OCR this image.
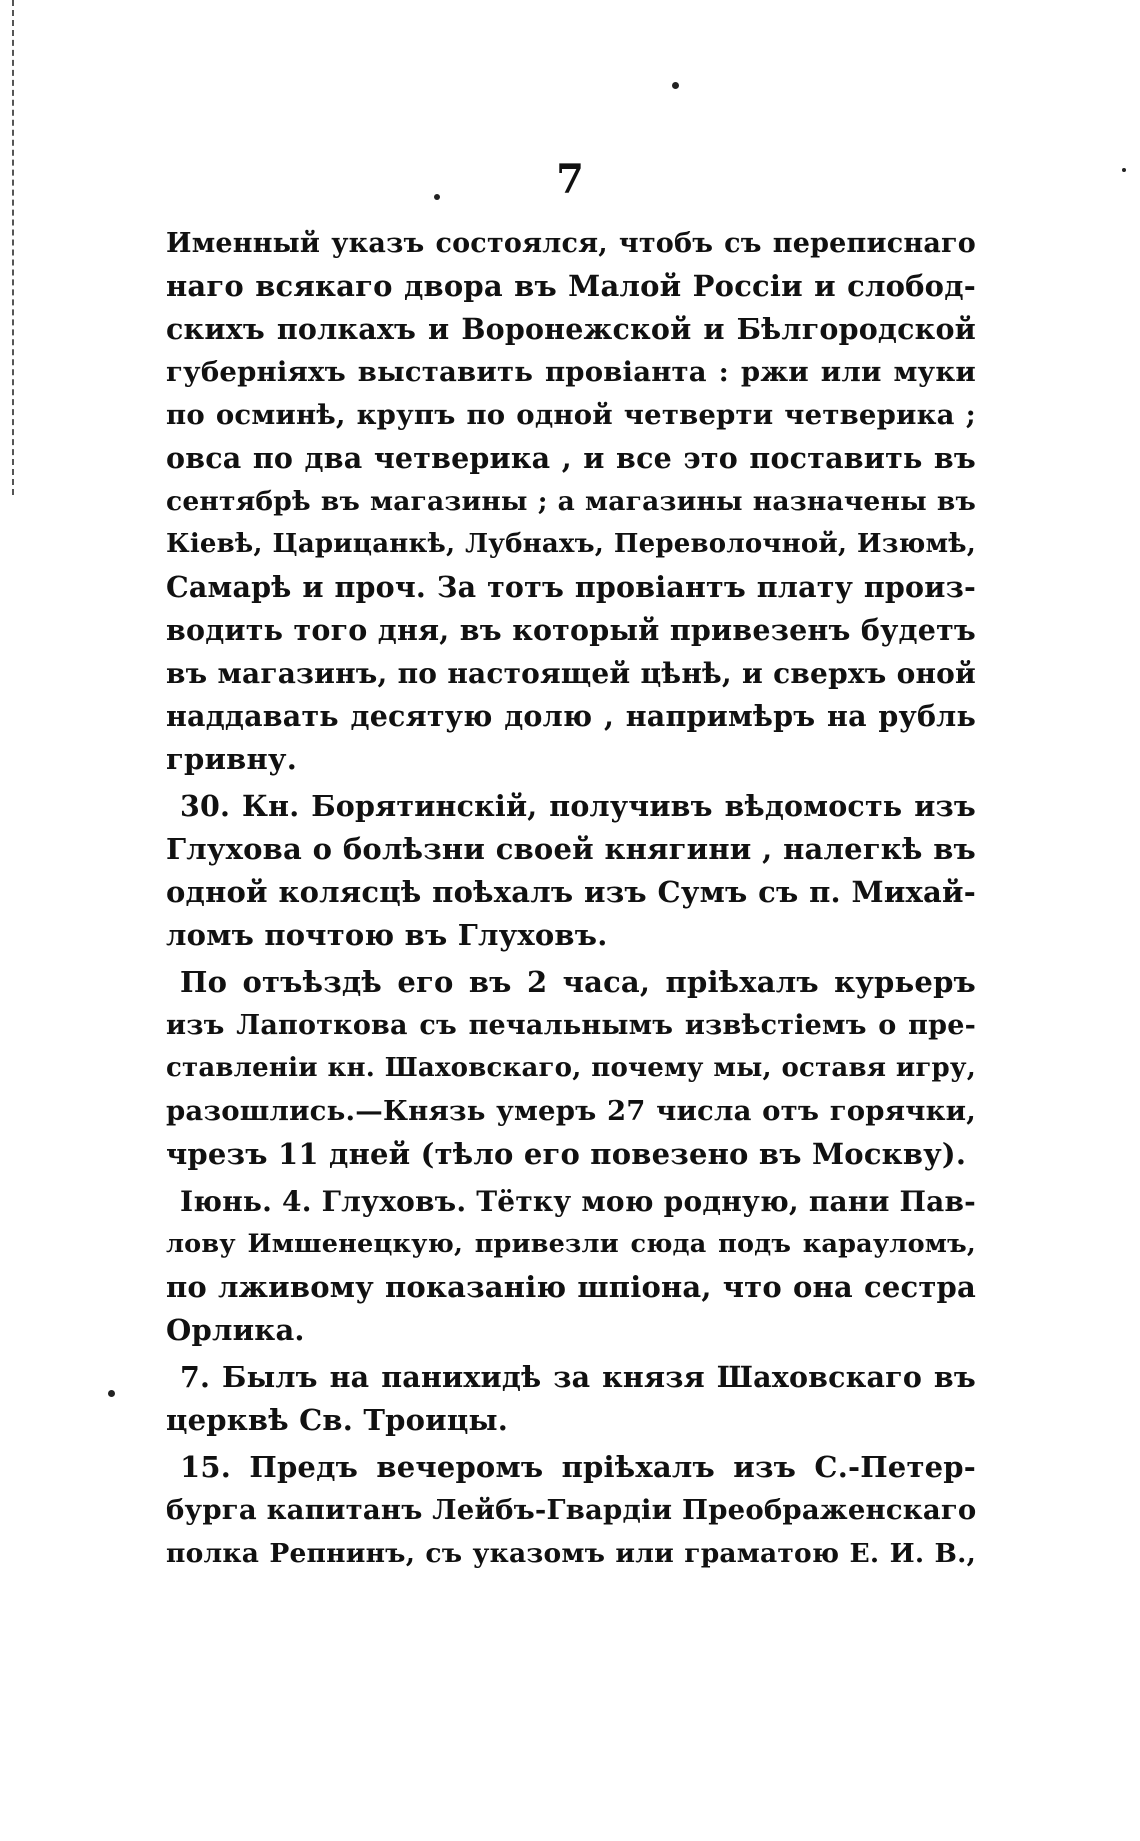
7

Именный указъ состоялся, чтобъ съ переписнаго
наго всякаго двора въ Малой Россіи и слобод-
скихъ полкахъ и Воронежской и Бѣлгородской
губерніяхъ выставить провіанта : ржи или муки
по осминѣ, крупъ по одной четверти четверика ;
овса по два четверика , и все это поставить въ
сентябрѣ въ магазины ; а магазины назначены въ
Кіевѣ, Царицанкѣ, Лубнахъ, Переволочной, Изюмѣ,
Самарѣ и проч. За тотъ провіантъ плату произ-
водить того дня, въ который привезенъ будетъ
въ магазинъ, по настоящей цѣнѣ, и сверхъ оной
наддавать десятую долю , напримѣръ на рубль
гривну.

30. Кн. Борятинскій, получивъ вѣдомость изъ
Глухова о болѣзни своей княгини , налегкѣ въ
одной колясцѣ поѣхалъ изъ Сумъ съ п. Михай-
ломъ почтою въ Глуховъ.

По отъѣздѣ его въ 2 часа, пріѣхалъ курьеръ
изъ Лапоткова съ печальнымъ извѣстіемъ о пре-
ставленіи кн. Шаховскаго, почему мы, оставя игру,
разошлись.—Князь умеръ 27 числа отъ горячки,
чрезъ 11 дней (тѣло его повезено въ Москву).

Іюнь. 4. Глуховъ. Тётку мою родную, пани Пав-
лову Имшенецкую, привезли сюда подъ карауломъ,
по лживому показанію шпіона, что она сестра
Орлика.

7. Былъ на панихидѣ за князя Шаховскаго въ
церквѣ Св. Троицы.

15. Предъ вечеромъ пріѣхалъ изъ С.-Петер-
бурга капитанъ Лейбъ-Гвардіи Преображенскаго
полка Репнинъ, съ указомъ или граматою Е. И. В.,
